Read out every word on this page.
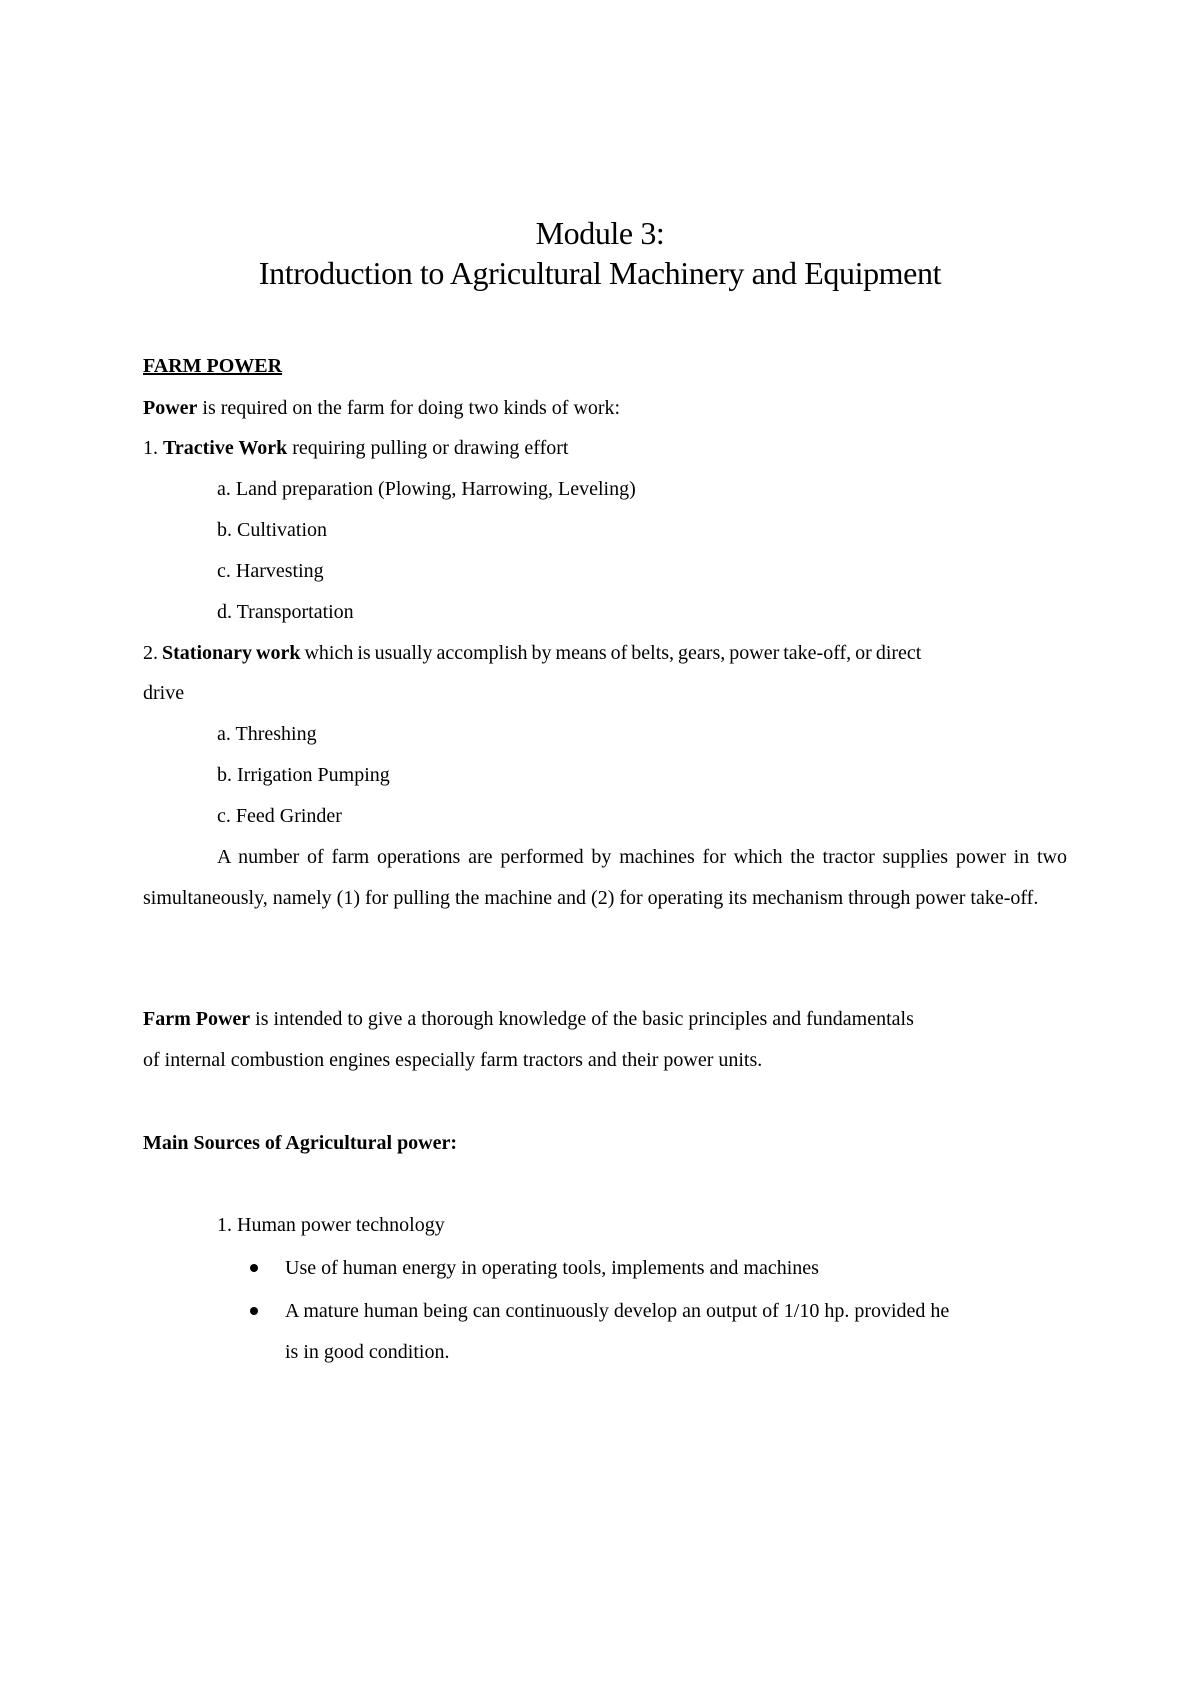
Module 3:
Introduction to Agricultural Machinery and Equipment
FARM POWER
Power is required on the farm for doing two kinds of work:
1. Tractive Work requiring pulling or drawing effort
a. Land preparation (Plowing, Harrowing, Leveling)
b. Cultivation
c. Harvesting
d. Transportation
2. Stationary work which is usually accomplish by means of belts, gears, power take-off, or direct
drive
a. Threshing
b. Irrigation Pumping
c. Feed Grinder
A number of farm operations are performed by machines for which the tractor supplies power in two simultaneously, namely (1) for pulling the machine and (2) for operating its mechanism through power take-off.
Farm Power is intended to give a thorough knowledge of the basic principles and fundamentals
of internal combustion engines especially farm tractors and their power units.
Main Sources of Agricultural power:
1. Human power technology
Use of human energy in operating tools, implements and machines
A mature human being can continuously develop an output of 1/10 hp. provided he
is in good condition.
